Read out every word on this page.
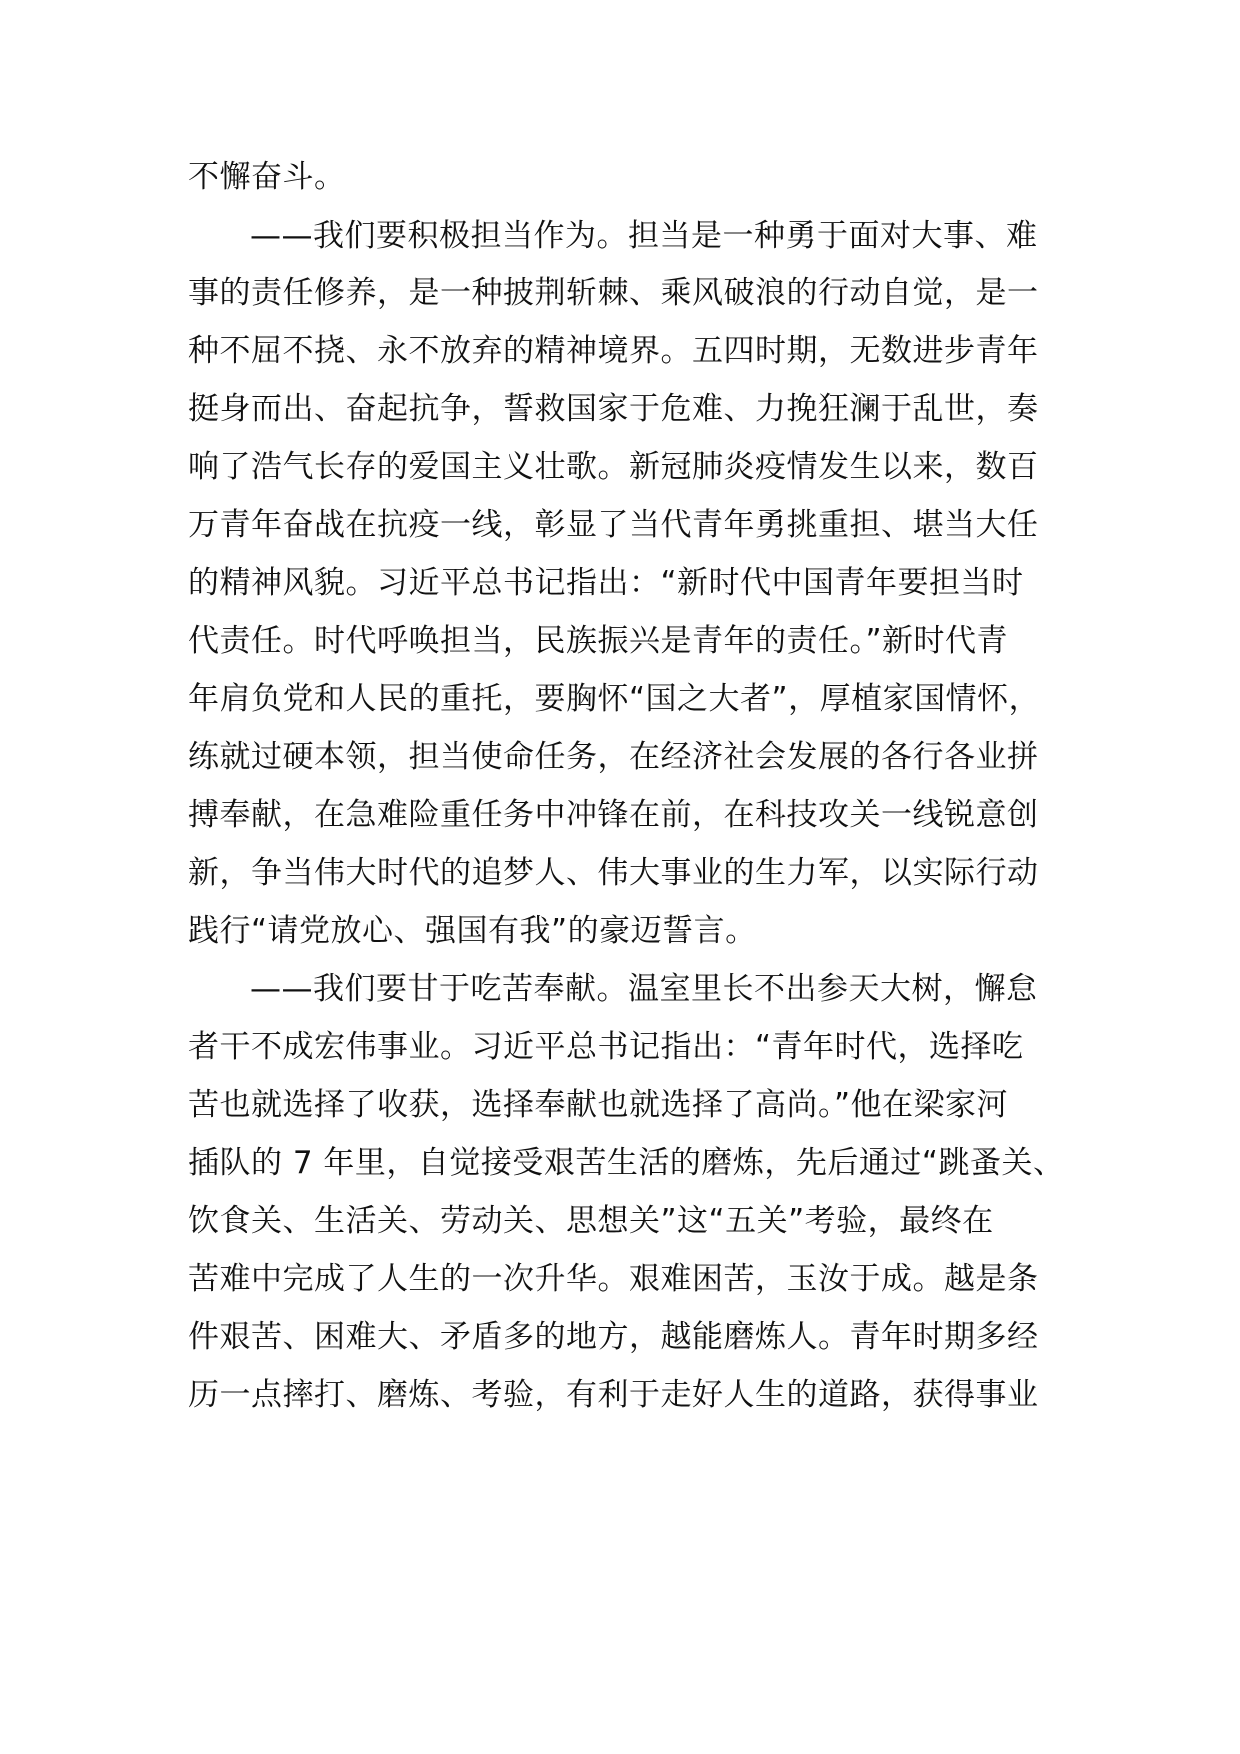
不懈奋斗。
——我们要积极担当作为。担当是一种勇于面对大事、难
事的责任修养，是一种披荆斩棘、乘风破浪的行动自觉，是一
种不屈不挠、永不放弃的精神境界。五四时期，无数进步青年
挺身而出、奋起抗争，誓救国家于危难、力挽狂澜于乱世，奏
响了浩气长存的爱国主义壮歌。新冠肺炎疫情发生以来，数百
万青年奋战在抗疫一线，彰显了当代青年勇挑重担、堪当大任
的精神风貌。习近平总书记指出：“新时代中国青年要担当时
代责任。时代呼唤担当，民族振兴是青年的责任。”新时代青
年肩负党和人民的重托，要胸怀“国之大者”，厚植家国情怀，
练就过硬本领，担当使命任务，在经济社会发展的各行各业拼
搏奉献，在急难险重任务中冲锋在前，在科技攻关一线锐意创
新，争当伟大时代的追梦人、伟大事业的生力军，以实际行动
践行“请党放心、强国有我”的豪迈誓言。
——我们要甘于吃苦奉献。温室里长不出参天大树，懈怠
者干不成宏伟事业。习近平总书记指出：“青年时代，选择吃
苦也就选择了收获，选择奉献也就选择了高尚。”他在梁家河
插队的 7 年里，自觉接受艰苦生活的磨炼，先后通过“跳蚤关、
饮食关、生活关、劳动关、思想关”这“五关”考验，最终在
苦难中完成了人生的一次升华。艰难困苦，玉汝于成。越是条
件艰苦、困难大、矛盾多的地方，越能磨炼人。青年时期多经
历一点摔打、磨炼、考验，有利于走好人生的道路，获得事业
